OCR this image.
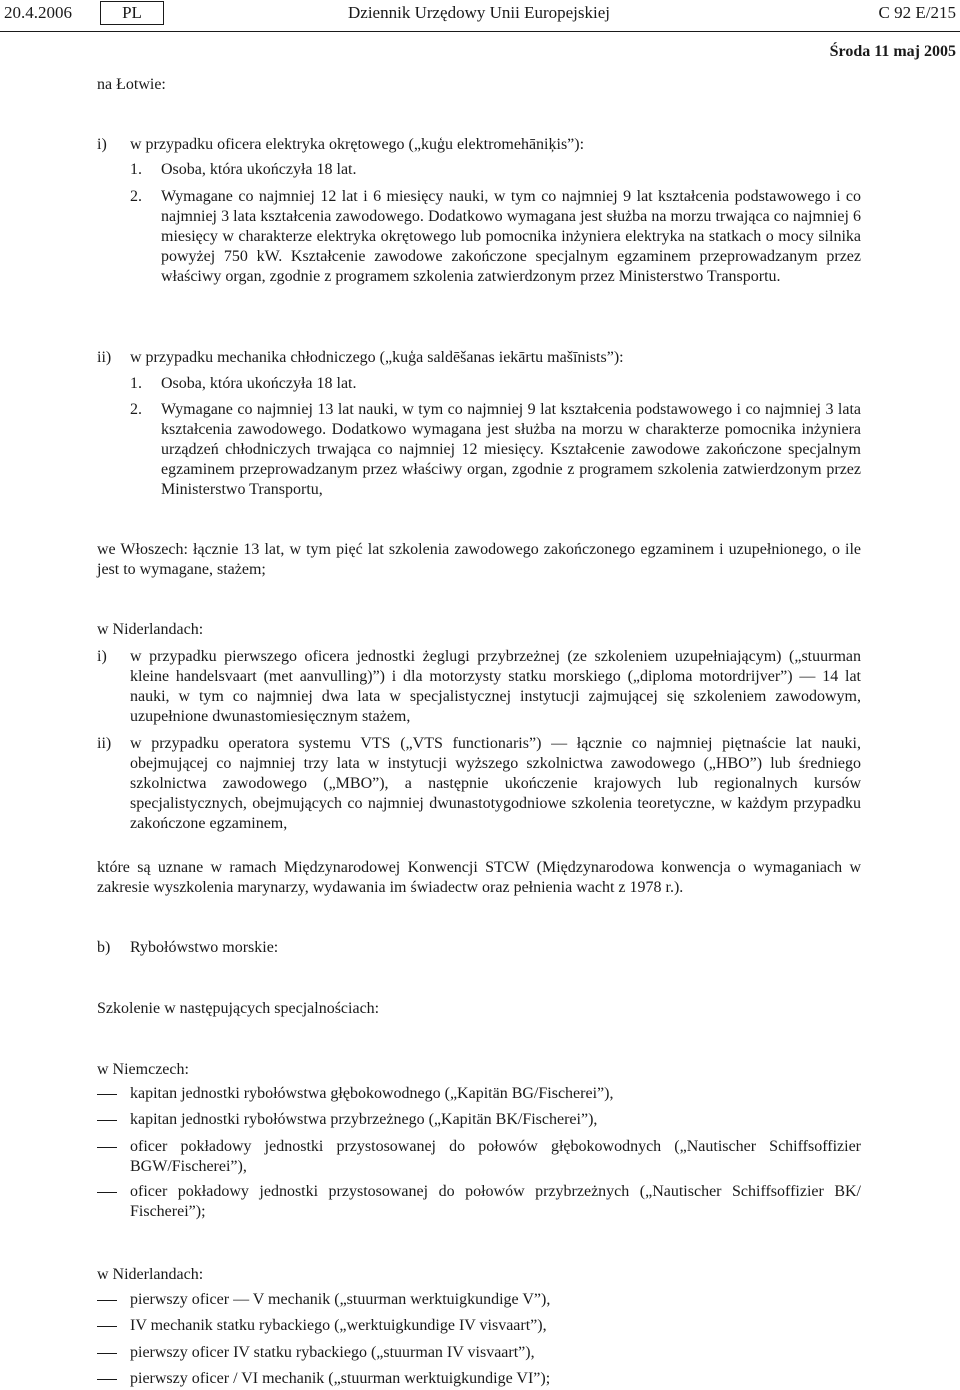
20.4.2006	PL	Dziennik Urzędowy Unii Europejskiej	C 92 E/215
Środa 11 maj 2005
na Łotwie:
i) w przypadku oficera elektryka okrętowego („kuģu elektromehāniķis”):
1. Osoba, która ukończyła 18 lat.
2. Wymagane co najmniej 12 lat i 6 miesięcy nauki, w tym co najmniej 9 lat kształcenia podstawowego i co najmniej 3 lata kształcenia zawodowego. Dodatkowo wymagana jest służba na morzu trwająca co najmniej 6 miesięcy w charakterze elektryka okrętowego lub pomocnika inżyniera elektryka na statkach o mocy silnika powyżej 750 kW. Kształcenie zawodowe zakończone specjalnym egzaminem przeprowadzanym przez właściwy organ, zgodnie z programem szkolenia zatwierdzonym przez Ministerstwo Transportu.
ii) w przypadku mechanika chłodniczego („kuģa saldēšanas iekārtu mašīnists”):
1. Osoba, która ukończyła 18 lat.
2. Wymagane co najmniej 13 lat nauki, w tym co najmniej 9 lat kształcenia podstawowego i co najmniej 3 lata kształcenia zawodowego. Dodatkowo wymagana jest służba na morzu w charakterze pomocnika inżyniera urządzeń chłodniczych trwająca co najmniej 12 miesięcy. Kształcenie zawodowe zakończone specjalnym egzaminem przeprowadzanym przez właściwy organ, zgodnie z programem szkolenia zatwierdzonym przez Ministerstwo Transportu,
we Włoszech: łącznie 13 lat, w tym pięć lat szkolenia zawodowego zakończonego egzaminem i uzupełnionego, o ile jest to wymagane, stażem;
w Niderlandach:
i) w przypadku pierwszego oficera jednostki żeglugi przybrzeżnej (ze szkoleniem uzupełniającym) („stuurman kleine handelsvaart (met aanvulling)”) i dla motorzysty statku morskiego („diploma motordrijver”) — 14 lat nauki, w tym co najmniej dwa lata w specjalistycznej instytucji zajmującej się szkoleniem zawodowym, uzupełnione dwunastomiesięcznym stażem,
ii) w przypadku operatora systemu VTS („VTS functionaris”) — łącznie co najmniej piętnaście lat nauki, obejmującej co najmniej trzy lata w instytucji wyższego szkolnictwa zawodowego („HBO”) lub średniego szkolnictwa zawodowego („MBO”), a następnie ukończenie krajowych lub regionalnych kursów specjalistycznych, obejmujących co najmniej dwunastotygodniowe szkolenia teoretyczne, w każdym przypadku zakończone egzaminem,
które są uznane w ramach Międzynarodowej Konwencji STCW (Międzynarodowa konwencja o wymaganiach w zakresie wyszkolenia marynarzy, wydawania im świadectw oraz pełnienia wacht z 1978 r.).
b) Rybołówstwo morskie:
Szkolenie w następujących specjalnościach:
w Niemczech:
kapitan jednostki rybołówstwa głębokowodnego („Kapitän BG/Fischerei”),
kapitan jednostki rybołówstwa przybrzeżnego („Kapitän BK/Fischerei”),
oficer pokładowy jednostki przystosowanej do połowów głębokowodnych („Nautischer Schiffsoffizier BGW/Fischerei”),
oficer pokładowy jednostki przystosowanej do połowów przybrzeżnych („Nautischer Schiffsoffizier BK/ Fischerei”);
w Niderlandach:
pierwszy oficer — V mechanik („stuurman werktuigkundige V”),
IV mechanik statku rybackiego („werktuigkundige IV visvaart”),
pierwszy oficer IV statku rybackiego („stuurman IV visvaart”),
pierwszy oficer / VI mechanik („stuurman werktuigkundige VI”);
